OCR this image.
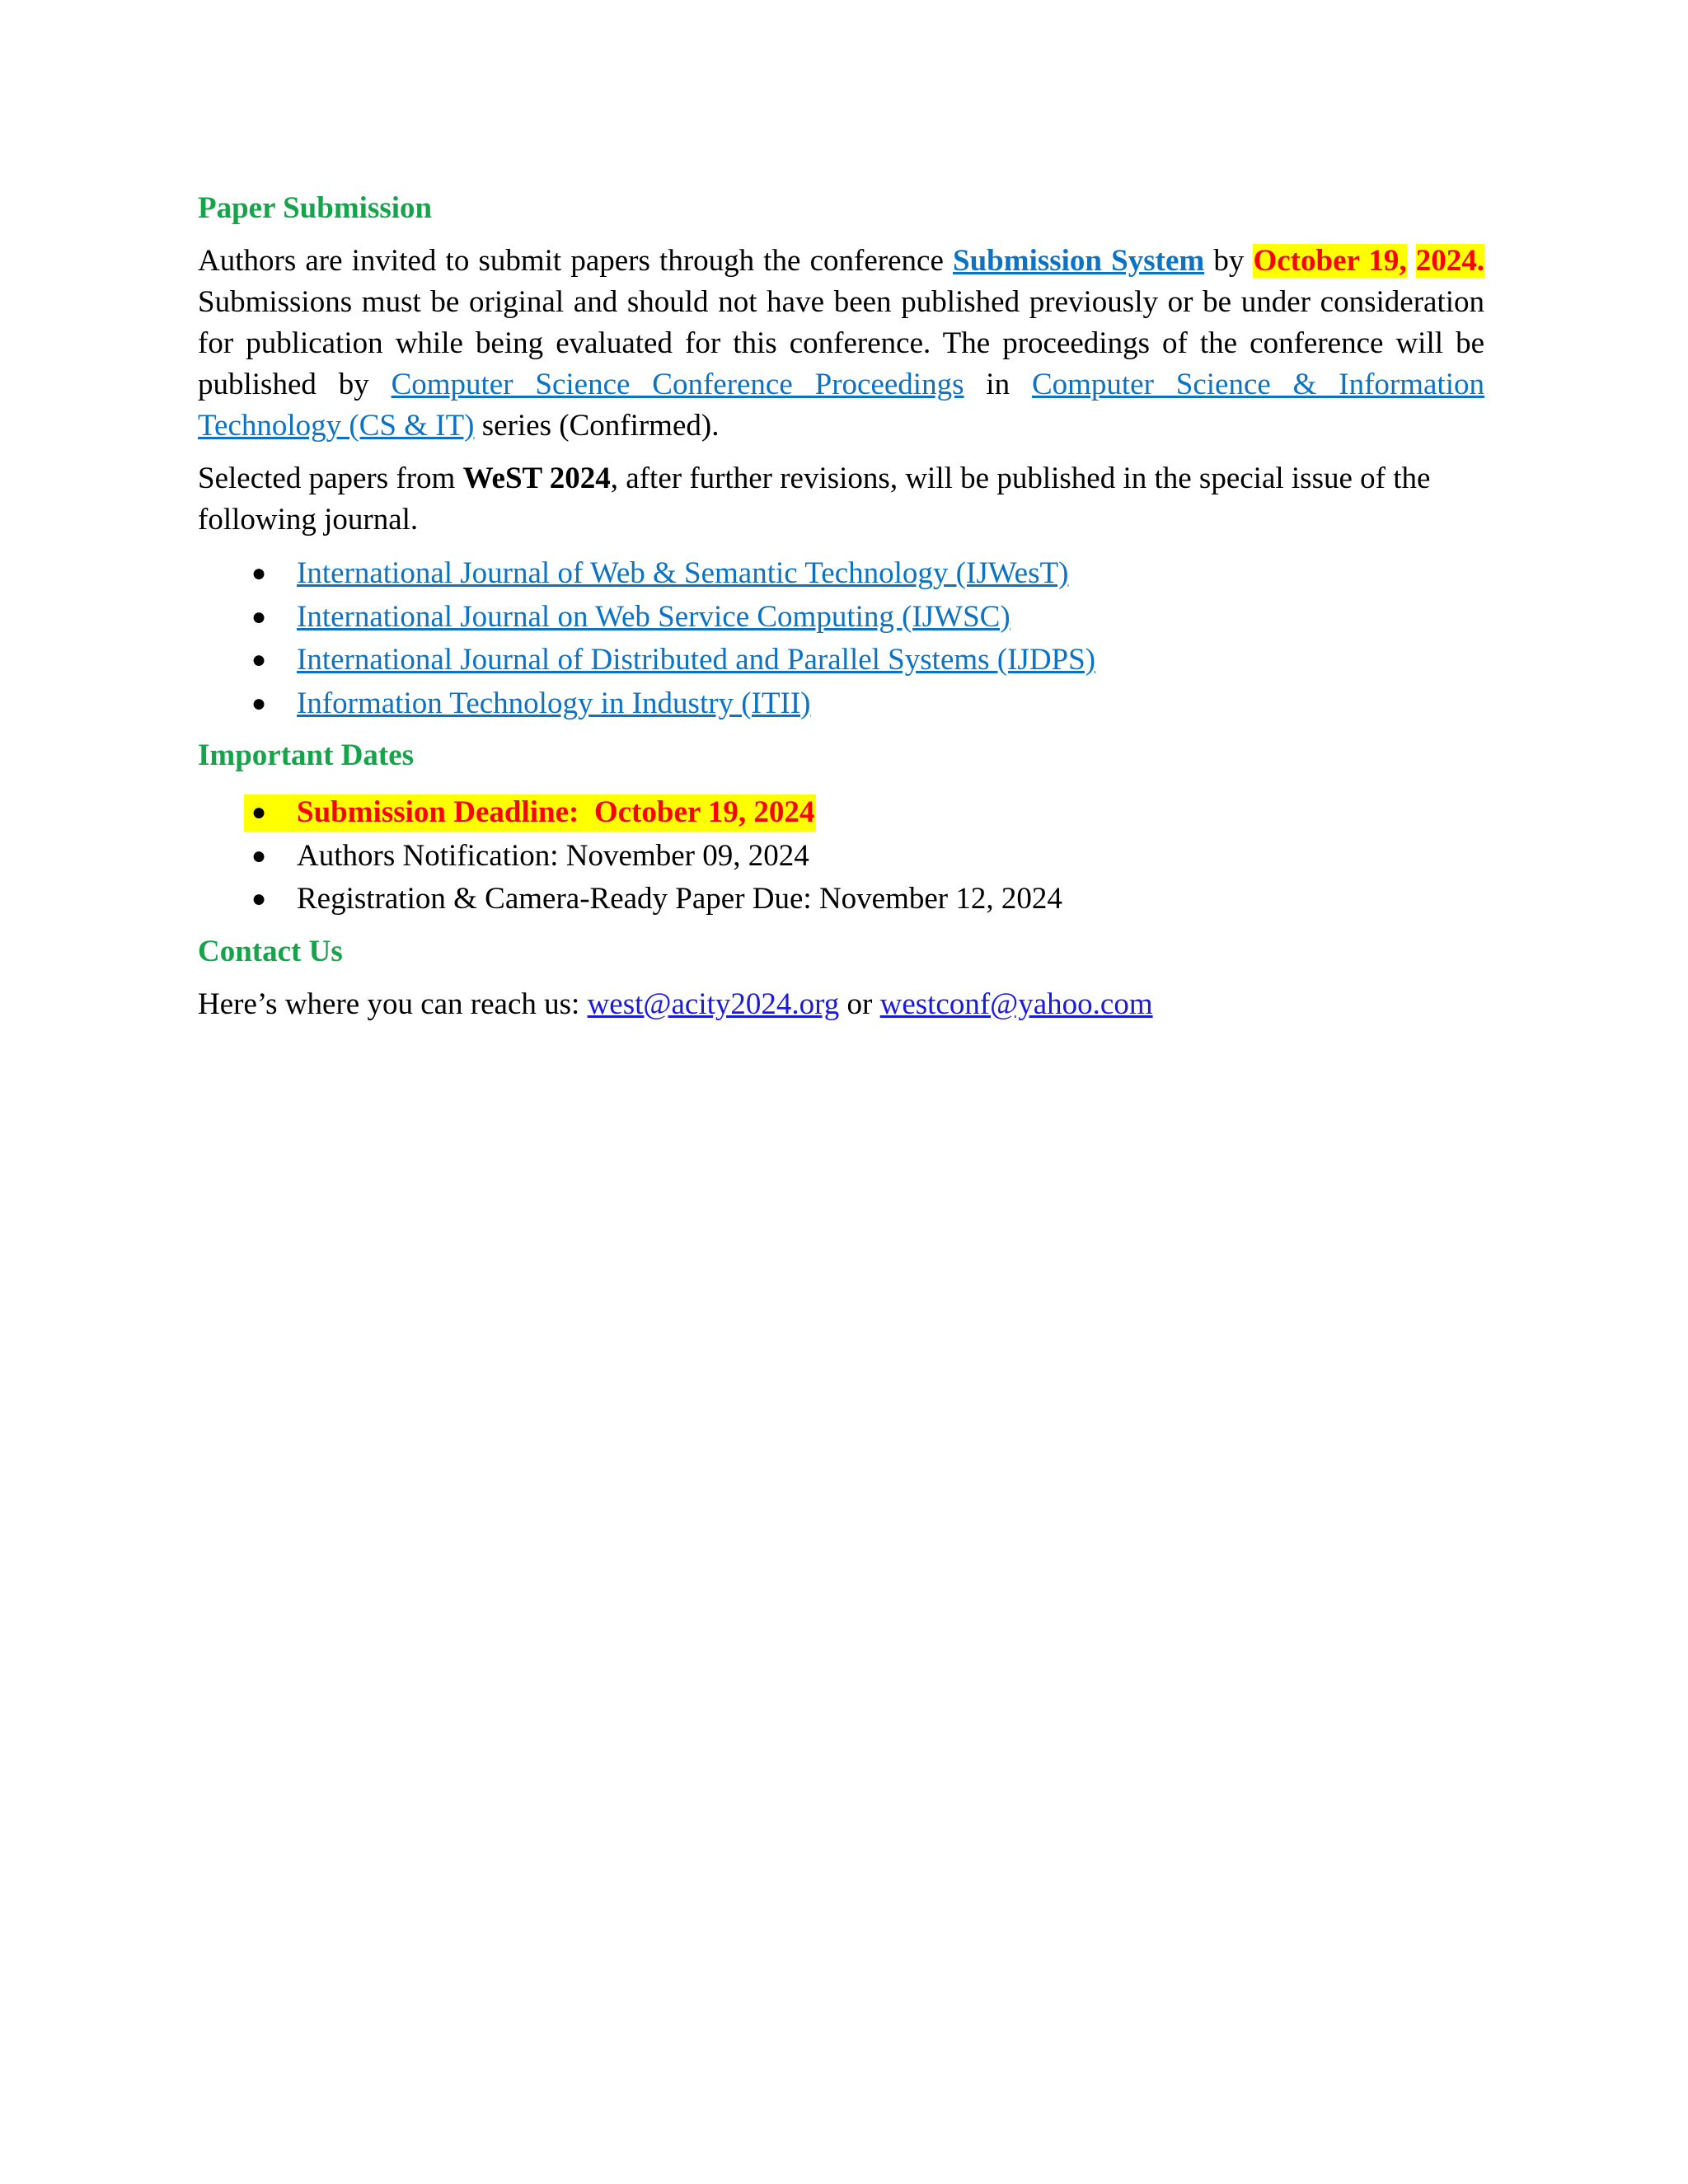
Paper Submission

Authors are invited to submit papers through the conference Submission System by October 19, 2024. Submissions must be original and should not have been published previously or be under consideration for publication while being evaluated for this conference. The proceedings of the conference will be published by Computer Science Conference Proceedings in Computer Science & Information Technology (CS & IT) series (Confirmed).

Selected papers from WeST 2024, after further revisions, will be published in the special issue of the following journal.

● International Journal of Web & Semantic Technology (IJWesT)
● International Journal on Web Service Computing (IJWSC)
● International Journal of Distributed and Parallel Systems (IJDPS)
● Information Technology in Industry (ITII)
Important Dates
● Submission Deadline:  October 19, 2024
● Authors Notification: November 09, 2024
● Registration & Camera-Ready Paper Due: November 12, 2024
Contact Us

Here’s where you can reach us: west@acity2024.org or westconf@yahoo.com
